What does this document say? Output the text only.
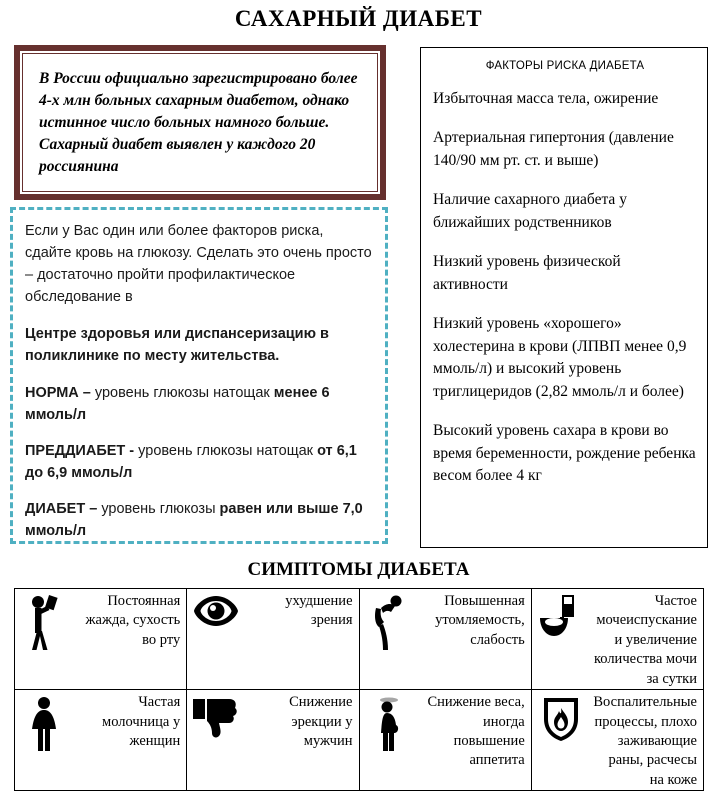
САХАРНЫЙ ДИАБЕТ
В России официально зарегистрировано более 4-х млн больных сахарным диабетом, однако истинное число больных намного больше.
Сахарный диабет выявлен у каждого 20 россиянина

Если у Вас один или более факторов риска, сдайте кровь на глюкозу. Сделать это очень просто – достаточно пройти профилактическое обследование в

Центре здоровья или диспансеризацию в поликлинике по месту жительства.

НОРМА – уровень глюкозы натощак менее 6 ммоль/л

ПРЕДДИАБЕТ - уровень глюкозы натощак от 6,1 до 6,9 ммоль/л

ДИАБЕТ – уровень глюкозы равен или выше 7,0 ммоль/л

ФАКТОРЫ РИСКА ДИАБЕТА

Избыточная масса тела, ожирение

Артериальная гипертония (давление 140/90 мм рт. ст. и выше)

Наличие сахарного диабета у ближайших родственников

Низкий уровень физической активности

Низкий уровень «хорошего» холестерина в крови (ЛПВП менее 0,9 ммоль/л) и высокий уровень триглицеридов (2,82 ммоль/л и более)

Высокий уровень сахара в крови во время беременности, рождение ребенка весом более 4 кг

СИМПТОМЫ ДИАБЕТА
Постоянная жажда, сухость во рту	ухудшение зрения	Повышенная утомляемость, слабость	Частое мочеиспускание и увеличение количества мочи за сутки

Частая молочница у женщин	Снижение эрекции у мужчин	Снижение веса, иногда повышение аппетита	Воспалительные процессы, плохо заживающие раны, расчесы на коже
